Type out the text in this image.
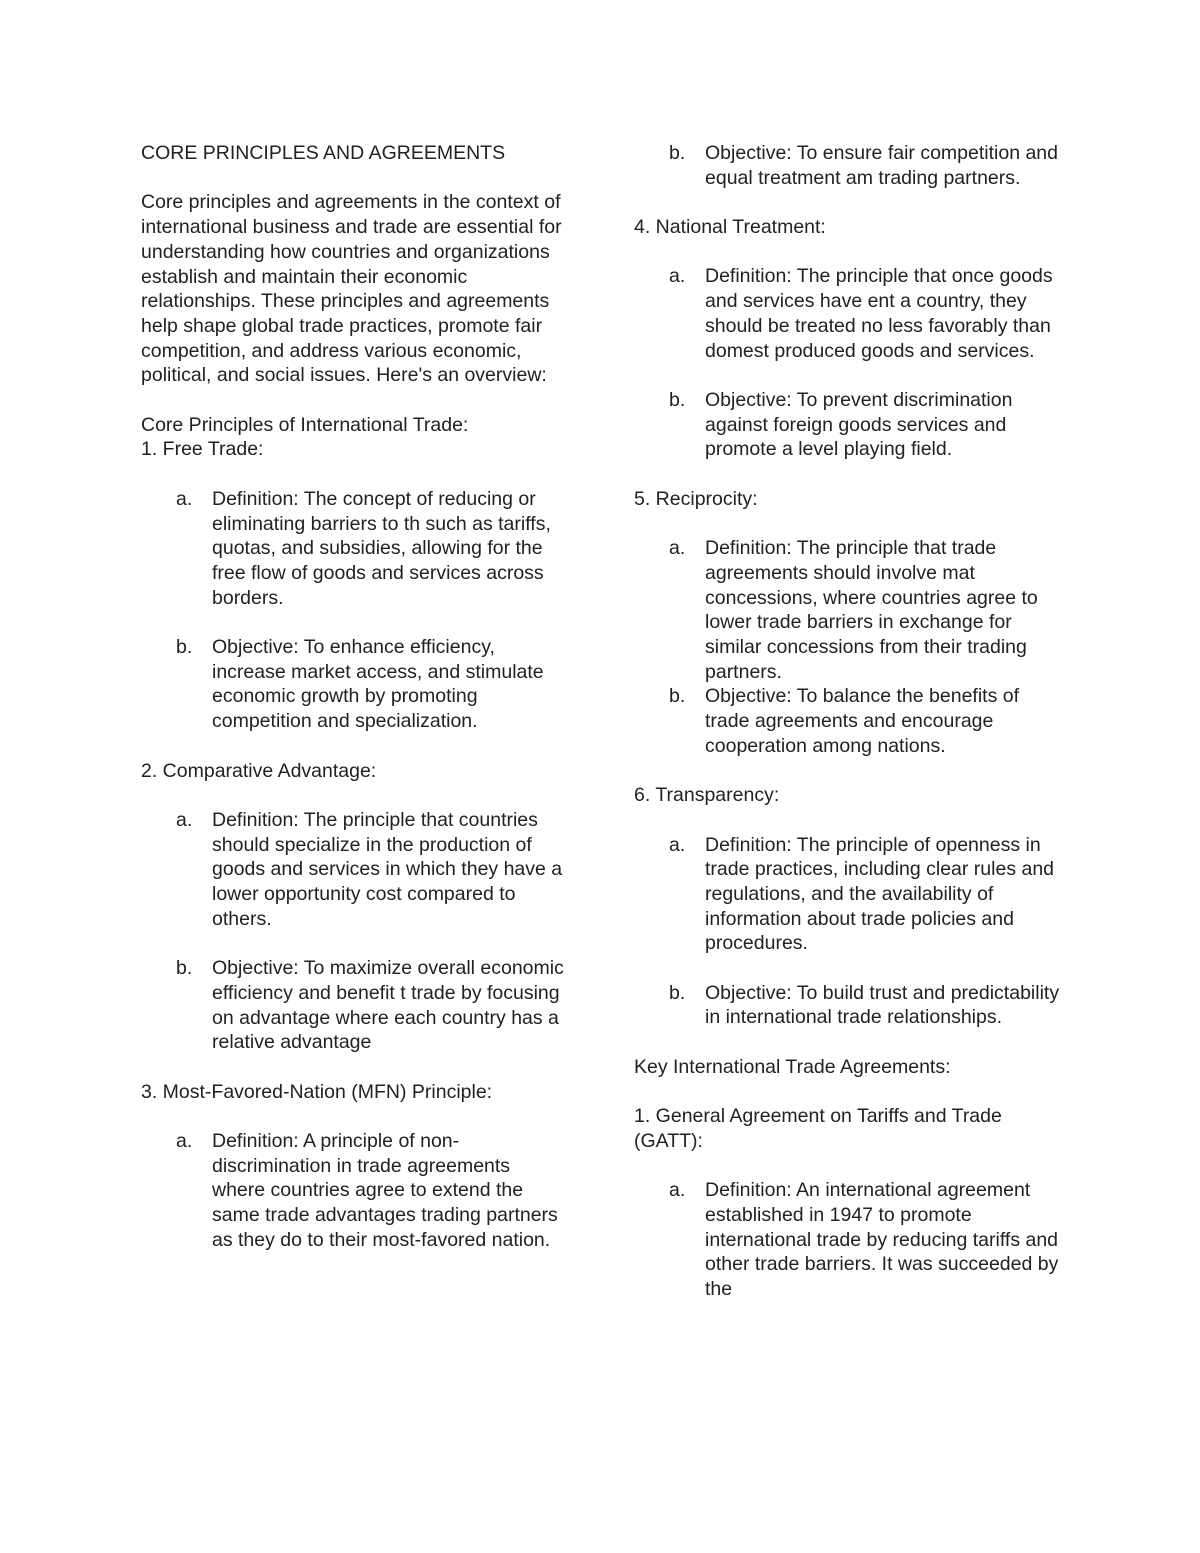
CORE PRINCIPLES AND AGREEMENTS

Core principles and agreements in the context of international business and trade are essential for understanding how countries and organizations establish and maintain their economic relationships. These principles and agreements help shape global trade practices, promote fair competition, and address various economic, political, and social issues. Here's an overview:

Core Principles of International Trade:

1. Free Trade:

a. Definition: The concept of reducing or eliminating barriers to th such as tariffs, quotas, and subsidies, allowing for the free flow of goods and services across borders.
b. Objective: To enhance efficiency, increase market access, and stimulate economic growth by promoting competition and specialization.

2. Comparative Advantage:

a. Definition: The principle that countries should specialize in the production of goods and services in which they have a lower opportunity cost compared to others.
b. Objective: To maximize overall economic efficiency and benefit t trade by focusing on advantage where each country has a relative advantage

3. Most-Favored-Nation (MFN) Principle:

a. Definition: A principle of non-discrimination in trade agreements where countries agree to extend the same trade advantages trading partners as they do to their most-favored nation.
b. Objective: To ensure fair competition and equal treatment am trading partners.

4. National Treatment:

a. Definition: The principle that once goods and services have ent a country, they should be treated no less favorably than domest produced goods and services.
b. Objective: To prevent discrimination against foreign goods services and promote a level playing field.

5. Reciprocity:

a. Definition: The principle that trade agreements should involve mat concessions, where countries agree to lower trade barriers in exchange for similar concessions from their trading partners.
b. Objective: To balance the benefits of trade agreements and encourage cooperation among nations.

6. Transparency:

a. Definition: The principle of openness in trade practices, including clear rules and regulations, and the availability of information about trade policies and procedures.
b. Objective: To build trust and predictability in international trade relationships.

Key International Trade Agreements:

1. General Agreement on Tariffs and Trade (GATT):

a. Definition: An international agreement established in 1947 to promote international trade by reducing tariffs and other trade barriers. It was succeeded by the
